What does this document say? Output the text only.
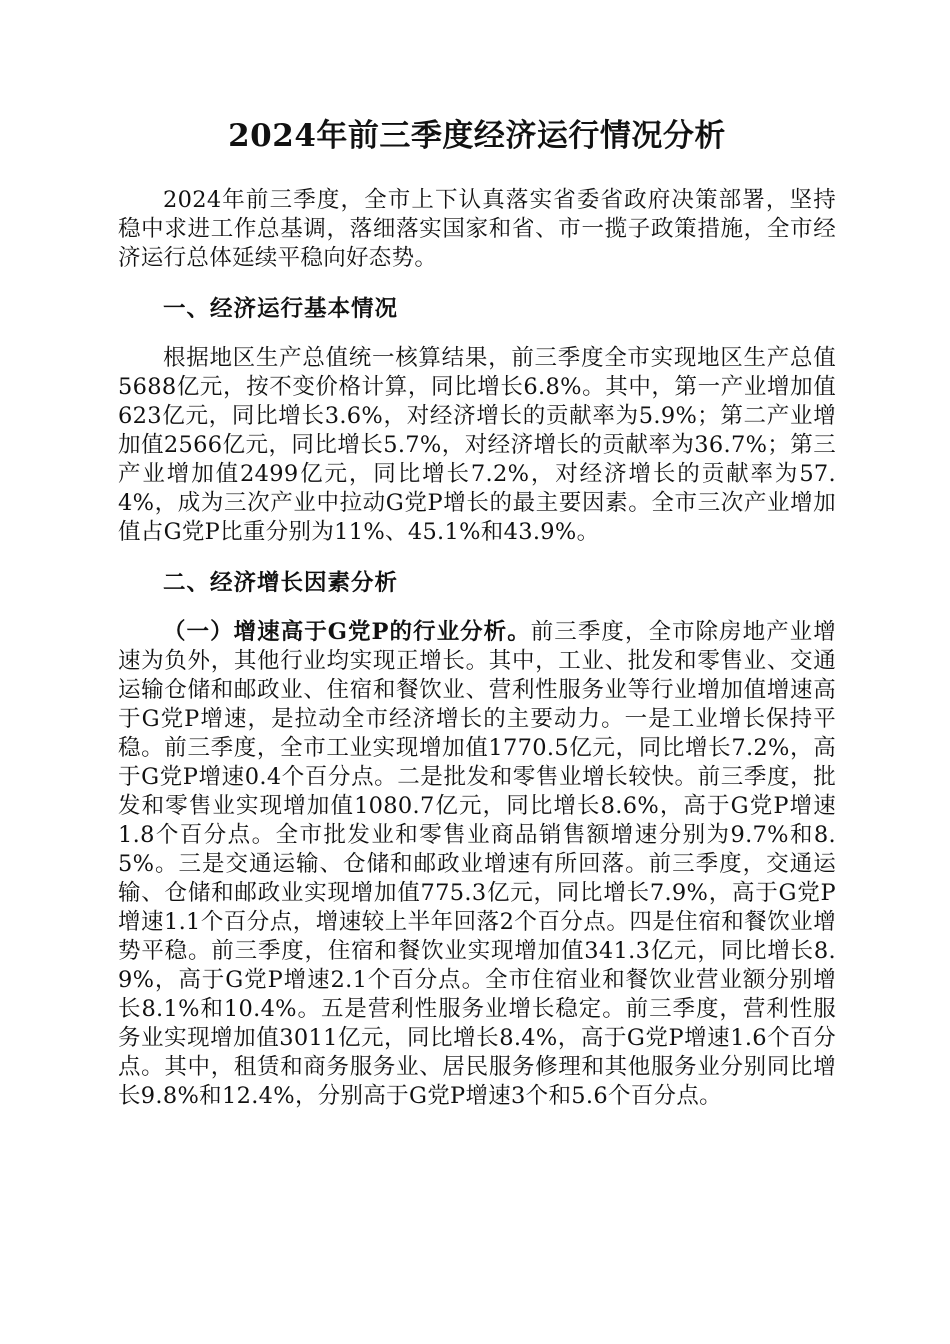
2024年前三季度经济运行情况分析

2024年前三季度，全市上下认真落实省委省政府决策部署，坚持稳中求进工作总基调，落细落实国家和省、市一揽子政策措施，全市经济运行总体延续平稳向好态势。

一、经济运行基本情况

根据地区生产总值统一核算结果，前三季度全市实现地区生产总值5688亿元，按不变价格计算，同比增长6.8%。其中，第一产业增加值623亿元，同比增长3.6%，对经济增长的贡献率为5.9%；第二产业增加值2566亿元，同比增长5.7%，对经济增长的贡献率为36.7%；第三产业增加值2499亿元，同比增长7.2%，对经济增长的贡献率为57.4%，成为三次产业中拉动G党P增长的最主要因素。全市三次产业增加值占G党P比重分别为11%、45.1%和43.9%。

二、经济增长因素分析

（一）增速高于G党P的行业分析。前三季度，全市除房地产业增速为负外，其他行业均实现正增长。其中，工业、批发和零售业、交通运输仓储和邮政业、住宿和餐饮业、营利性服务业等行业增加值增速高于G党P增速，是拉动全市经济增长的主要动力。一是工业增长保持平稳。前三季度，全市工业实现增加值1770.5亿元，同比增长7.2%，高于G党P增速0.4个百分点。二是批发和零售业增长较快。前三季度，批发和零售业实现增加值1080.7亿元，同比增长8.6%，高于G党P增速1.8个百分点。全市批发业和零售业商品销售额增速分别为9.7%和8.5%。三是交通运输、仓储和邮政业增速有所回落。前三季度，交通运输、仓储和邮政业实现增加值775.3亿元，同比增长7.9%，高于G党P增速1.1个百分点，增速较上半年回落2个百分点。四是住宿和餐饮业增势平稳。前三季度，住宿和餐饮业实现增加值341.3亿元，同比增长8.9%，高于G党P增速2.1个百分点。全市住宿业和餐饮业营业额分别增长8.1%和10.4%。五是营利性服务业增长稳定。前三季度，营利性服务业实现增加值3011亿元，同比增长8.4%，高于G党P增速1.6个百分点。其中，租赁和商务服务业、居民服务修理和其他服务业分别同比增长9.8%和12.4%，分别高于G党P增速3个和5.6个百分点。
